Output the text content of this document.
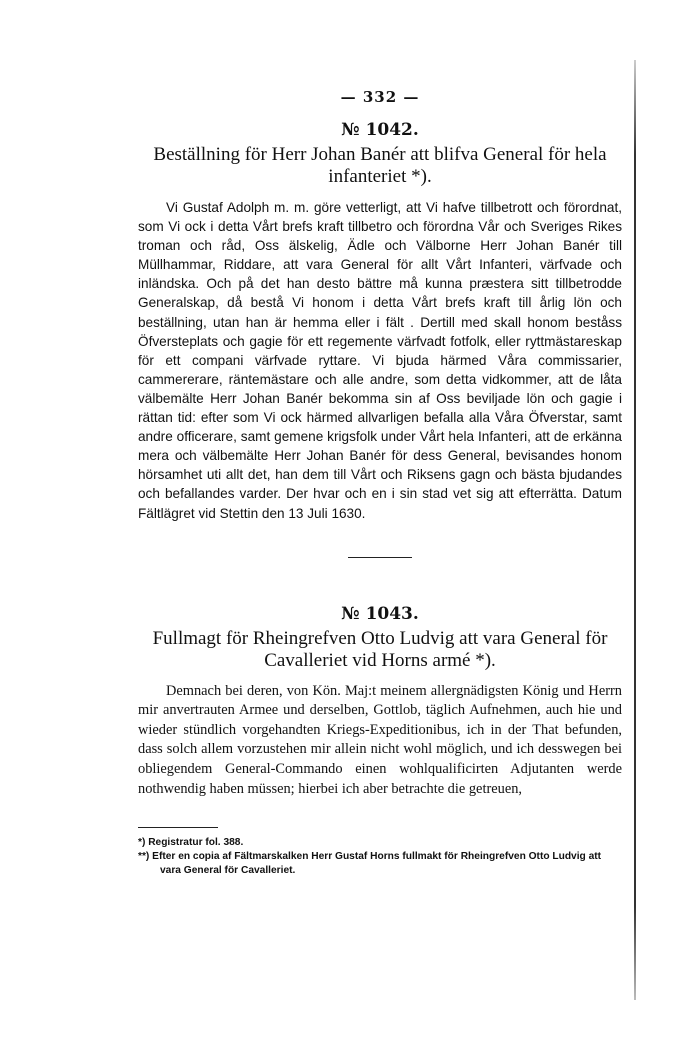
— 332 —
№ 1042.
Beställning för Herr Johan Banér att blifva General för hela infanteriet *).

Vi Gustaf Adolph m. m. göre vetterligt, att Vi hafve tillbetrott och förordnat, som Vi ock i detta Vårt brefs kraft tillbetro och förordna Vår och Sveriges Rikes troman och råd, Oss älskelig, Ädle och Välborne Herr Johan Banér till Müllhammar, Riddare, att vara General för allt Vårt Infanteri, värfvade och inländska. Och på det han desto bättre må kunna præstera sitt tillbetrodde Generalskap, då bestå Vi honom i detta Vårt brefs kraft till årlig lön och beställning, utan han är hemma eller i fält . Dertill med skall honom beståss Öfversteplats och gagie för ett regemente värfvadt fotfolk, eller ryttmästareskap för ett compani värfvade ryttare. Vi bjuda härmed Våra commissarier, cammererare, räntemästare och alle andre, som detta vidkommer, att de låta välbemälte Herr Johan Banér bekomma sin af Oss beviljade lön och gagie i rättan tid: efter som Vi ock härmed allvarligen befalla alla Våra Öfverstar, samt andre officerare, samt gemene krigsfolk under Vårt hela Infanteri, att de erkänna mera och välbemälte Herr Johan Banér för dess General, bevisandes honom hörsamhet uti allt det, han dem till Vårt och Riksens gagn och bästa bjudandes och befallandes varder. Der hvar och en i sin stad vet sig att efterrätta. Datum Fältlägret vid Stettin den 13 Juli 1630.

№ 1043.
Fullmagt för Rheingrefven Otto Ludvig att vara General för Cavalleriet vid Horns armé *).

Demnach bei deren, von Kön. Maj:t meinem allergnädigsten König und Herrn mir anvertrauten Armee und derselben, Gottlob, täglich Aufnehmen, auch hie und wieder stündlich vorgehandten Kriegs-Expeditionibus, ich in der That befunden, dass solch allem vorzustehen mir allein nicht wohl möglich, und ich desswegen bei obliegendem General-Commando einen wohlqualificirten Adjutanten werde nothwendig haben müssen; hierbei ich aber betrachte die getreuen,

*) Registratur fol. 388.

**) Efter en copia af Fältmarskalken Herr Gustaf Horns fullmakt för Rheingrefven Otto Ludvig att vara General för Cavalleriet.
